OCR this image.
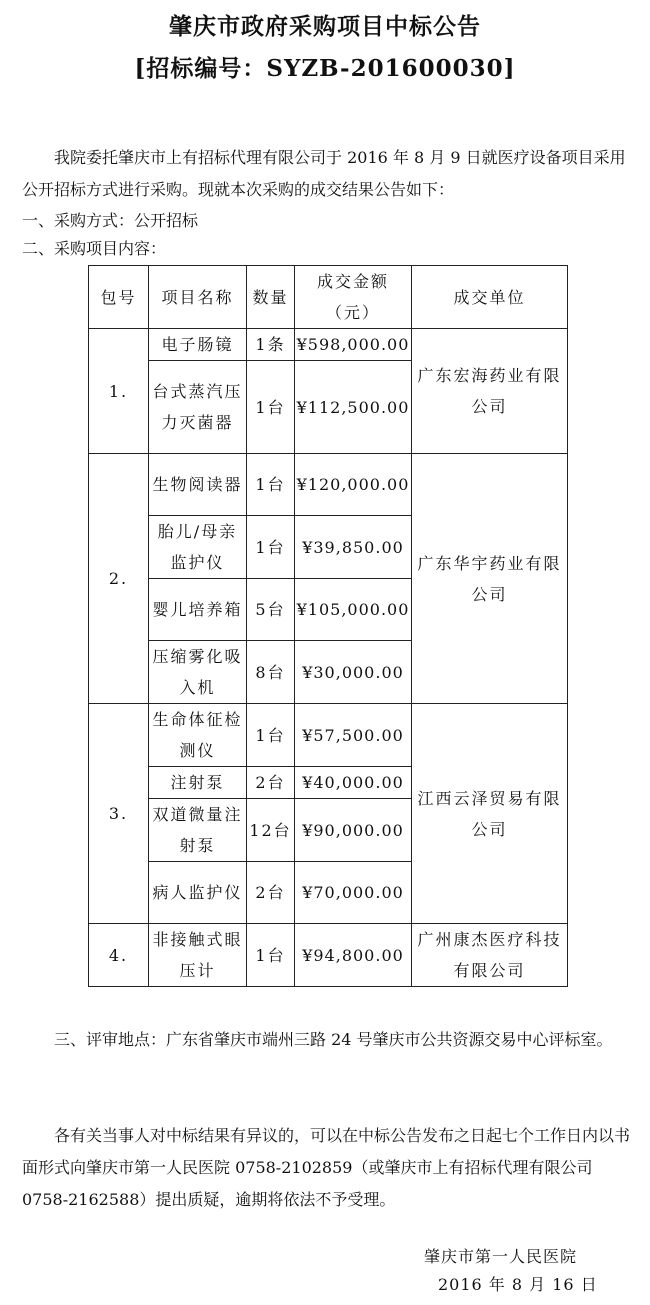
肇庆市政府采购项目中标公告
[招标编号：SYZB-201600030]
我院委托肇庆市上有招标代理有限公司于 2016 年 8 月 9 日就医疗设备项目采用公开招标方式进行采购。现就本次采购的成交结果公告如下：
一、采购方式：公开招标
二、采购项目内容：
包号	项目名称	数量	成交金额（元）	成交单位
1.	电子肠镜	1条	¥598,000.00	广东宏海药业有限公司
	台式蒸汽压力灭菌器	1台	¥112,500.00	
2.	生物阅读器	1台	¥120,000.00	广东华宇药业有限公司
	胎儿/母亲监护仪	1台	¥39,850.00	
	婴儿培养箱	5台	¥105,000.00	
	压缩雾化吸入机	8台	¥30,000.00	
3.	生命体征检测仪	1台	¥57,500.00	江西云泽贸易有限公司
	注射泵	2台	¥40,000.00	
	双道微量注射泵	12台	¥90,000.00	
	病人监护仪	2台	¥70,000.00	
4.	非接触式眼压计	1台	¥94,800.00	广州康杰医疗科技有限公司
三、评审地点：广东省肇庆市端州三路 24 号肇庆市公共资源交易中心评标室。
各有关当事人对中标结果有异议的，可以在中标公告发布之日起七个工作日内以书面形式向肇庆市第一人民医院 0758-2102859（或肇庆市上有招标代理有限公司 0758-2162588）提出质疑，逾期将依法不予受理。
肇庆市第一人民医院
2016 年 8 月 16 日
